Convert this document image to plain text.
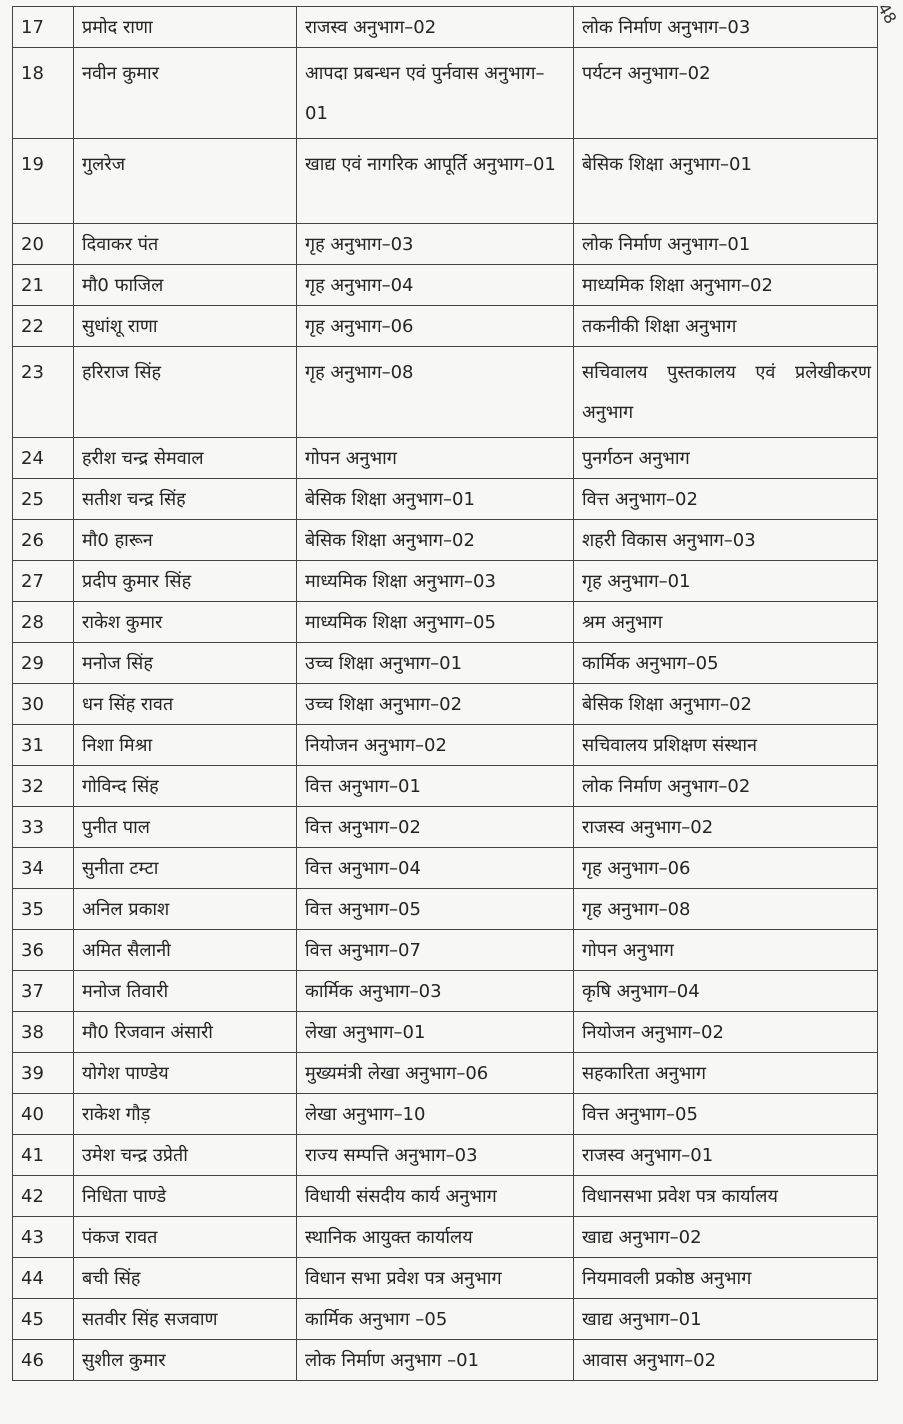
48
17	प्रमोद राणा	राजस्व अनुभाग–02	लोक निर्माण अनुभाग–03
18	नवीन कुमार	आपदा प्रबन्धन एवं पुर्नवास अनुभाग–01	पर्यटन अनुभाग–02
19	गुलरेज	खाद्य एवं नागरिक आपूर्ति अनुभाग–01	बेसिक शिक्षा अनुभाग–01
20	दिवाकर पंत	गृह अनुभाग–03	लोक निर्माण अनुभाग–01
21	मौ0 फाजिल	गृह अनुभाग–04	माध्यमिक शिक्षा अनुभाग–02
22	सुधांशू राणा	गृह अनुभाग–06	तकनीकी शिक्षा अनुभाग
23	हरिराज सिंह	गृह अनुभाग–08	सचिवालय पुस्तकालय एवं प्रलेखीकरण अनुभाग
24	हरीश चन्द्र सेमवाल	गोपन अनुभाग	पुनर्गठन अनुभाग
25	सतीश चन्द्र सिंह	बेसिक शिक्षा अनुभाग–01	वित्त अनुभाग–02
26	मौ0 हारून	बेसिक शिक्षा अनुभाग–02	शहरी विकास अनुभाग–03
27	प्रदीप कुमार सिंह	माध्यमिक शिक्षा अनुभाग–03	गृह अनुभाग–01
28	राकेश कुमार	माध्यमिक शिक्षा अनुभाग–05	श्रम अनुभाग
29	मनोज सिंह	उच्च शिक्षा अनुभाग–01	कार्मिक अनुभाग–05
30	धन सिंह रावत	उच्च शिक्षा अनुभाग–02	बेसिक शिक्षा अनुभाग–02
31	निशा मिश्रा	नियोजन अनुभाग–02	सचिवालय प्रशिक्षण संस्थान
32	गोविन्द सिंह	वित्त अनुभाग–01	लोक निर्माण अनुभाग–02
33	पुनीत पाल	वित्त अनुभाग–02	राजस्व अनुभाग–02
34	सुनीता टम्टा	वित्त अनुभाग–04	गृह अनुभाग–06
35	अनिल प्रकाश	वित्त अनुभाग–05	गृह अनुभाग–08
36	अमित सैलानी	वित्त अनुभाग–07	गोपन अनुभाग
37	मनोज तिवारी	कार्मिक अनुभाग–03	कृषि अनुभाग–04
38	मौ0 रिजवान अंसारी	लेखा अनुभाग–01	नियोजन अनुभाग–02
39	योगेश पाण्डेय	मुख्यमंत्री लेखा अनुभाग–06	सहकारिता अनुभाग
40	राकेश गौड़	लेखा अनुभाग–10	वित्त अनुभाग–05
41	उमेश चन्द्र उप्रेती	राज्य सम्पत्ति अनुभाग–03	राजस्व अनुभाग–01
42	निधिता पाण्डे	विधायी संसदीय कार्य अनुभाग	विधानसभा प्रवेश पत्र कार्यालय
43	पंकज रावत	स्थानिक आयुक्त कार्यालय	खाद्य अनुभाग–02
44	बची सिंह	विधान सभा प्रवेश पत्र अनुभाग	नियमावली प्रकोष्ठ अनुभाग
45	सतवीर सिंह सजवाण	कार्मिक अनुभाग –05	खाद्य अनुभाग–01
46	सुशील कुमार	लोक निर्माण अनुभाग –01	आवास अनुभाग–02
